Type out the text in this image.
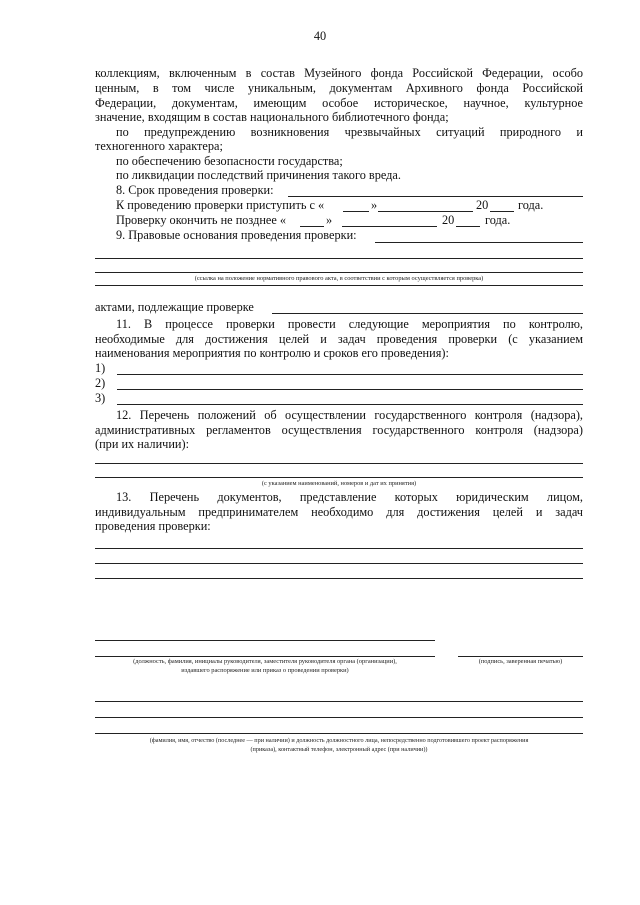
40
коллекциям, включенным в состав Музейного фонда Российской Федерации, особо
ценным, в том числе уникальным, документам Архивного фонда Российской
Федерации, документам, имеющим особое историческое, научное, культурное
значение, входящим в состав национального библиотечного фонда;
по предупреждению возникновения чрезвычайных ситуаций природного и
техногенного характера;
по обеспечению безопасности государства;
по ликвидации последствий причинения такого вреда.
8. Срок проведения проверки:
К проведению проверки приступить с «	»	20 года.
Проверку окончить не позднее «	»	20 года.
9. Правовые основания проведения проверки:
(ссылка на положение нормативного правового акта, в соответствии с которым осуществляется проверка)
актами, подлежащие проверке
11. В процессе проверки провести следующие мероприятия по контролю,
необходимые для достижения целей и задач проведения проверки (с указанием
наименования мероприятия по контролю и сроков его проведения):
1)
2)
3)
12. Перечень положений об осуществлении государственного контроля (надзора),
административных регламентов осуществления государственного контроля (надзора)
(при их наличии):
(с указанием наименований, номеров и дат их принятия)
13. Перечень документов, представление которых юридическим лицом,
индивидуальным предпринимателем необходимо для достижения целей и задач
проведения проверки:
(должность, фамилия, инициалы руководителя, заместителя руководителя органа (организации),
издавшего распоряжение или приказ о проведении проверки)
(подпись, заверенная печатью)
(фамилия, имя, отчество (последнее — при наличии) и должность должностного лица, непосредственно подготовившего проект распоряжения
(приказа), контактный телефон, электронный адрес (при наличии))
